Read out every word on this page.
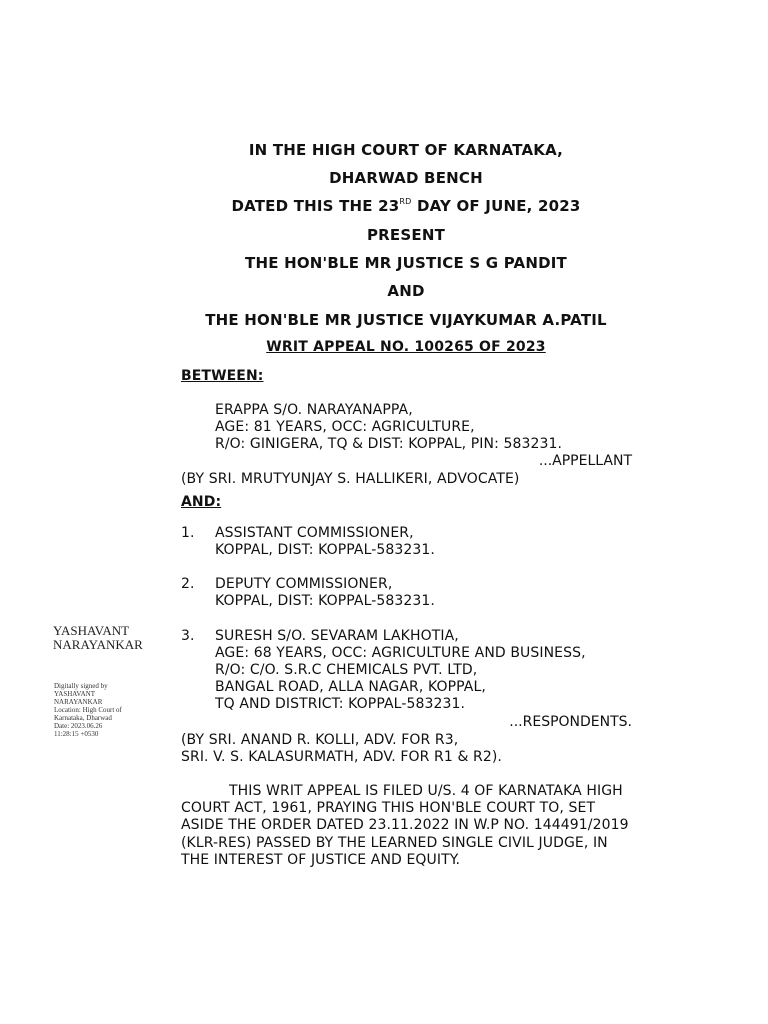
IN THE HIGH COURT OF KARNATAKA,
DHARWAD BENCH
DATED THIS THE 23RD DAY OF JUNE, 2023
PRESENT
THE HON'BLE MR JUSTICE S G PANDIT
AND
THE HON'BLE MR JUSTICE VIJAYKUMAR A.PATIL
WRIT APPEAL NO. 100265 OF 2023
BETWEEN:
ERAPPA S/O. NARAYANAPPA,
AGE: 81 YEARS, OCC: AGRICULTURE,
R/O: GINIGERA, TQ & DIST: KOPPAL, PIN: 583231.
...APPELLANT
(BY SRI. MRUTYUNJAY S. HALLIKERI, ADVOCATE)
AND:
1. ASSISTANT COMMISSIONER,
KOPPAL, DIST: KOPPAL-583231.
2. DEPUTY COMMISSIONER,
KOPPAL, DIST: KOPPAL-583231.
3. SURESH S/O. SEVARAM LAKHOTIA,
AGE: 68 YEARS, OCC: AGRICULTURE AND BUSINESS,
R/O: C/O. S.R.C CHEMICALS PVT. LTD,
BANGAL ROAD, ALLA NAGAR, KOPPAL,
TQ AND DISTRICT: KOPPAL-583231.
...RESPONDENTS.
(BY SRI. ANAND R. KOLLI, ADV. FOR R3,
SRI. V. S. KALASURMATH, ADV. FOR R1 & R2).
THIS WRIT APPEAL IS FILED U/S. 4 OF KARNATAKA HIGH
COURT ACT, 1961, PRAYING THIS HON'BLE COURT TO, SET
ASIDE THE ORDER DATED 23.11.2022 IN W.P NO. 144491/2019
(KLR-RES) PASSED BY THE LEARNED SINGLE CIVIL JUDGE, IN
THE INTEREST OF JUSTICE AND EQUITY.
YASHAVANT
NARAYANKAR
Digitally signed by
YASHAVANT
NARAYANKAR
Location: High Court of
Karnataka, Dharwad
Date: 2023.06.26
11:28:15 +0530
